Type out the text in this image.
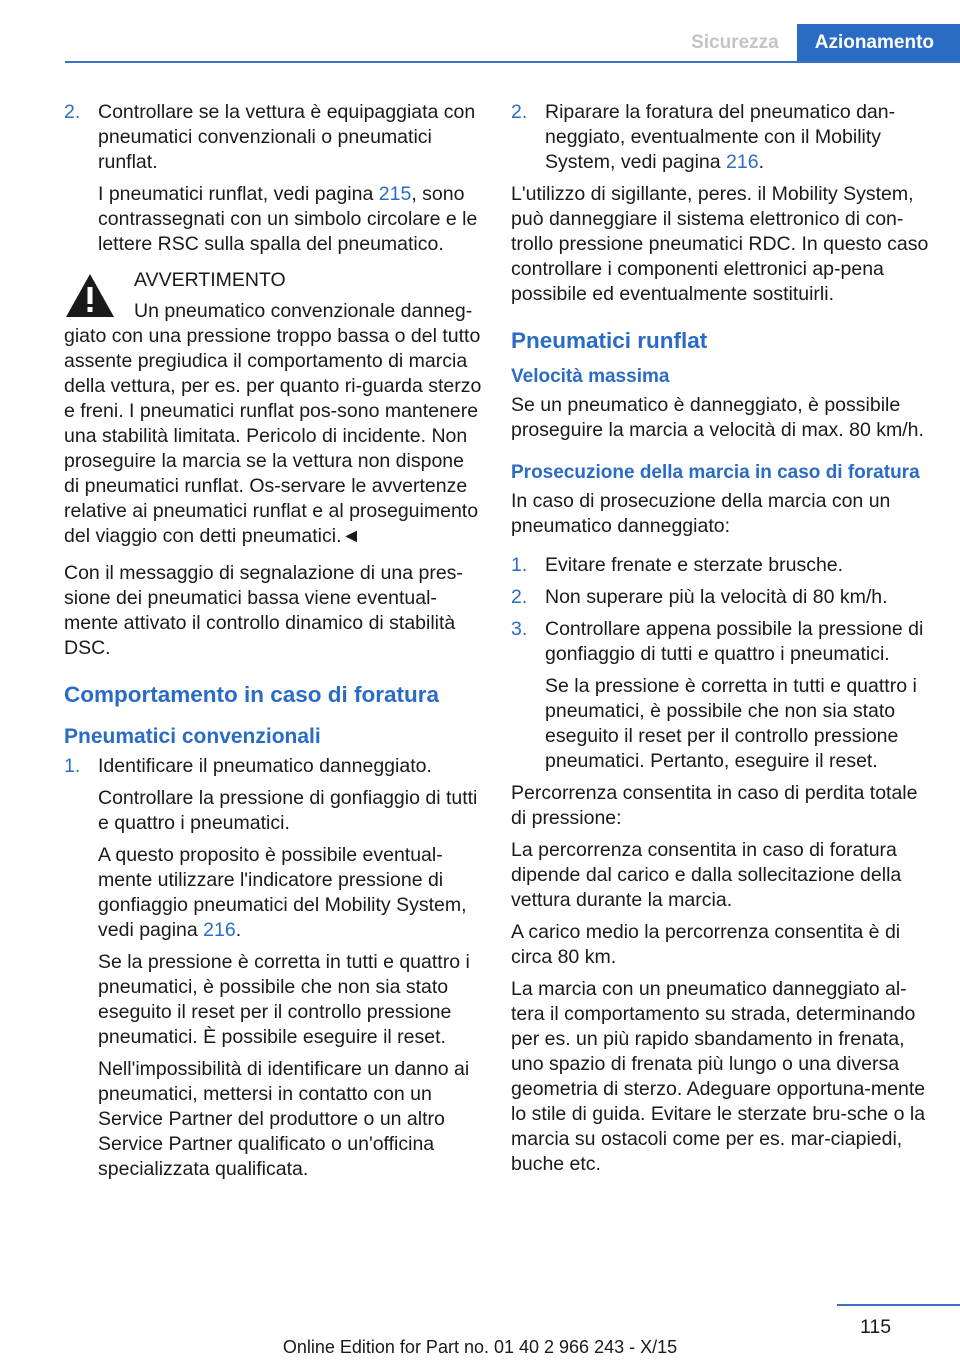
Sicurezza	Azionamento
2. Controllare se la vettura è equipaggiata con pneumatici convenzionali o pneumatici runflat.

I pneumatici runflat, vedi pagina 215, sono contrassegnati con un simbolo circolare e le lettere RSC sulla spalla del pneumatico.

AVVERTIMENTO
Un pneumatico convenzionale danneg‐
giato con una pressione troppo bassa o del tutto assente pregiudica il comportamento di marcia della vettura, per es. per quanto ri‐guarda sterzo e freni. I pneumatici runflat pos‐sono mantenere una stabilità limitata. Pericolo di incidente. Non proseguire la marcia se la vettura non dispone di pneumatici runflat. Os‐servare le avvertenze relative ai pneumatici runflat e al proseguimento del viaggio con detti pneumatici.◄

Con il messaggio di segnalazione di una pres‐sione dei pneumatici bassa viene eventual‐mente attivato il controllo dinamico di stabilità DSC.

Comportamento in caso di foratura
Pneumatici convenzionali
1. Identificare il pneumatico danneggiato.

Controllare la pressione di gonfiaggio di tutti e quattro i pneumatici.

A questo proposito è possibile eventual‐mente utilizzare l'indicatore pressione di gonfiaggio pneumatici del Mobility System, vedi pagina 216.

Se la pressione è corretta in tutti e quattro i pneumatici, è possibile che non sia stato eseguito il reset per il controllo pressione pneumatici. È possibile eseguire il reset.

Nell'impossibilità di identificare un danno ai pneumatici, mettersi in contatto con un Service Partner del produttore o un altro Service Partner qualificato o un'officina specializzata qualificata.

2. Riparare la foratura del pneumatico dan‐neggiato, eventualmente con il Mobility System, vedi pagina 216.

L'utilizzo di sigillante, peres. il Mobility System, può danneggiare il sistema elettronico di con‐trollo pressione pneumatici RDC. In questo caso controllare i componenti elettronici ap‐pena possibile ed eventualmente sostituirli.

Pneumatici runflat
Velocità massima

Se un pneumatico è danneggiato, è possibile proseguire la marcia a velocità di max. 80 km/h.

Prosecuzione della marcia in caso di foratura

In caso di prosecuzione della marcia con un pneumatico danneggiato:

1. Evitare frenate e sterzate brusche.
2. Non superare più la velocità di 80 km/h.
3. Controllare appena possibile la pressione di gonfiaggio di tutti e quattro i pneumatici.

Se la pressione è corretta in tutti e quattro i pneumatici, è possibile che non sia stato eseguito il reset per il controllo pressione pneumatici. Pertanto, eseguire il reset.

Percorrenza consentita in caso di perdita totale di pressione:

La percorrenza consentita in caso di foratura dipende dal carico e dalla sollecitazione della vettura durante la marcia.

A carico medio la percorrenza consentita è di circa 80 km.

La marcia con un pneumatico danneggiato al‐tera il comportamento su strada, determinando per es. un più rapido sbandamento in frenata, uno spazio di frenata più lungo o una diversa geometria di sterzo. Adeguare opportuna‐mente lo stile di guida. Evitare le sterzate bru‐sche o la marcia su ostacoli come per es. mar‐ciapiedi, buche etc.

115
Online Edition for Part no. 01 40 2 966 243 - X/15
